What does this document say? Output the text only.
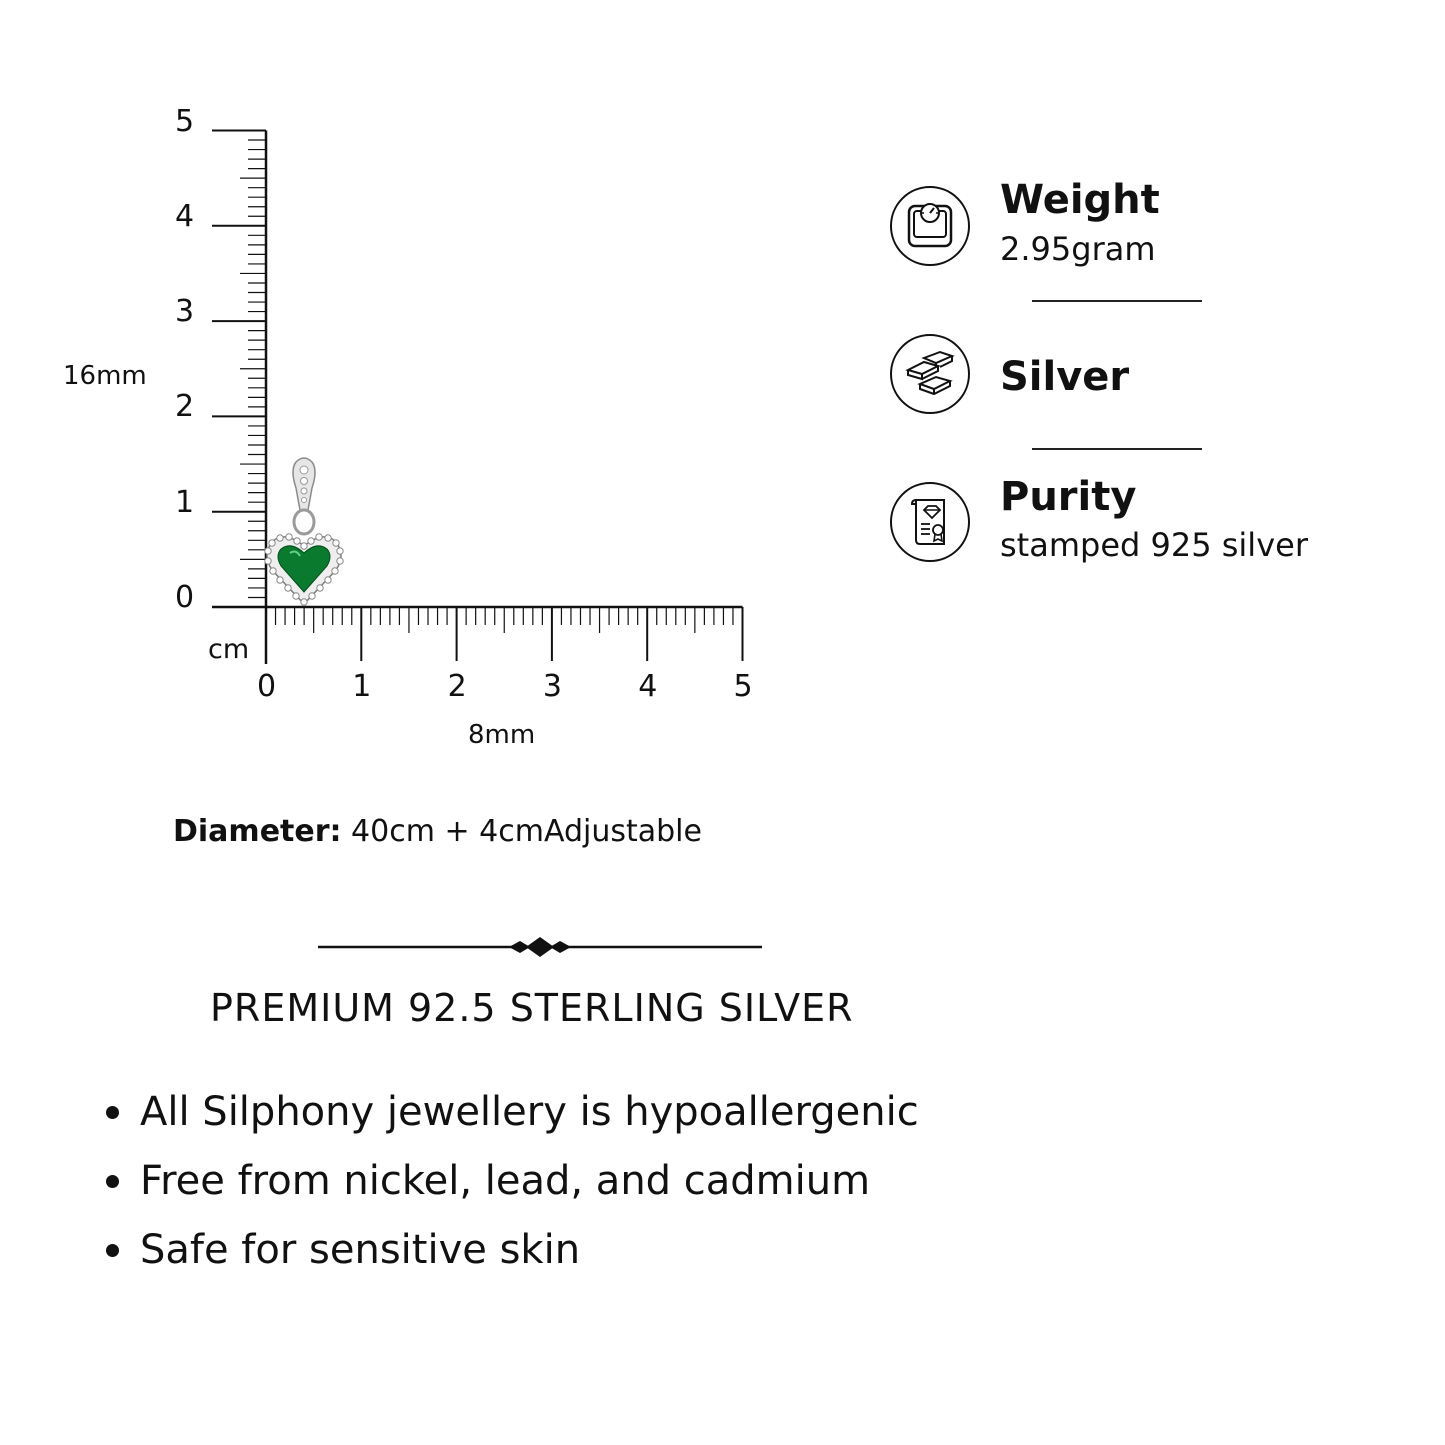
0
1
2
3
4
5
0	1	2	3	4	5
cm
16mm
8mm
Diameter: 40cm + 4cmAdjustable
PREMIUM 92.5 STERLING SILVER
All Silphony jewellery is hypoallergenic
Free from nickel, lead, and cadmium
Safe for sensitive skin
Weight
2.95gram
Silver
Purity
stamped 925 silver
